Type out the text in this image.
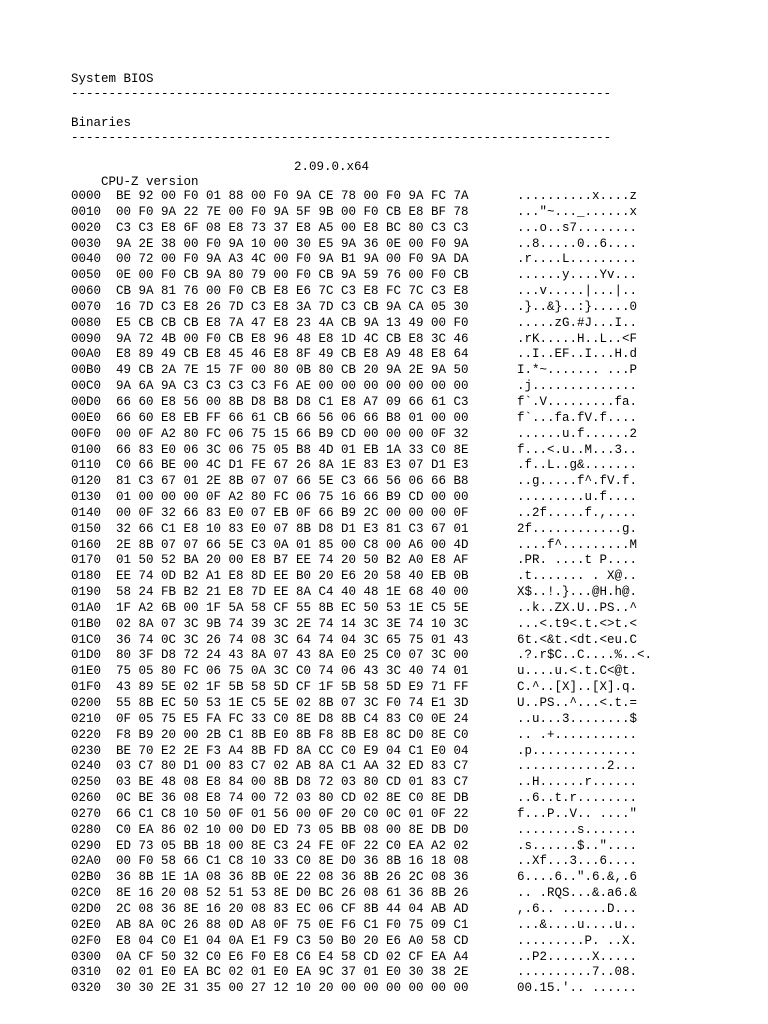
System BIOS
------------------------------------------------------------------------
Binaries
------------------------------------------------------------------------

CPU-Z version

2.09.0.x64

0000 BE 92 00 F0 01 88 00 F0 9A CE 78 00 F0 9A FC 7A	..........x....z
0010 00 F0 9A 22 7E 00 F0 9A 5F 9B 00 F0 CB E8 BF 78	..."~..._......x
0020 C3 C3 E8 6F 08 E8 73 37 E8 A5 00 E8 BC 80 C3 C3	...o..s7........
0030 9A 2E 38 00 F0 9A 10 00 30 E5 9A 36 0E 00 F0 9A	..8.....0..6....
0040 00 72 00 F0 9A A3 4C 00 F0 9A B1 9A 00 F0 9A DA	.r....L.........
0050 0E 00 F0 CB 9A 80 79 00 F0 CB 9A 59 76 00 F0 CB	......y....Yv...
0060 CB 9A 81 76 00 F0 CB E8 E6 7C C3 E8 FC 7C C3 E8	...v.....|...|..
0070 16 7D C3 E8 26 7D C3 E8 3A 7D C3 CB 9A CA 05 30	.}..&}..:}.....0
0080 E5 CB CB CB E8 7A 47 E8 23 4A CB 9A 13 49 00 F0	.....zG.#J...I..
0090 9A 72 4B 00 F0 CB E8 96 48 E8 1D 4C CB E8 3C 46	.rK.....H..L..<F
00A0 E8 89 49 CB E8 45 46 E8 8F 49 CB E8 A9 48 E8 64	..I..EF..I...H.d
00B0 49 CB 2A 7E 15 7F 00 80 0B 80 CB 20 9A 2E 9A 50	I.*~....... ...P
00C0 9A 6A 9A C3 C3 C3 C3 F6 AE 00 00 00 00 00 00 00	.j..............
00D0 66 60 E8 56 00 8B D8 B8 D8 C1 E8 A7 09 66 61 C3	f`.V.........fa.
00E0 66 60 E8 EB FF 66 61 CB 66 56 06 66 B8 01 00 00	f`...fa.fV.f....
00F0 00 0F A2 80 FC 06 75 15 66 B9 CD 00 00 00 0F 32	......u.f......2
0100 66 83 E0 06 3C 06 75 05 B8 4D 01 EB 1A 33 C0 8E	f...<.u..M...3..
0110 C0 66 BE 00 4C D1 FE 67 26 8A 1E 83 E3 07 D1 E3	.f..L..g&.......
0120 81 C3 67 01 2E 8B 07 07 66 5E C3 66 56 06 66 B8	..g.....f^.fV.f.
0130 01 00 00 00 0F A2 80 FC 06 75 16 66 B9 CD 00 00	.........u.f....
0140 00 0F 32 66 83 E0 07 EB 0F 66 B9 2C 00 00 00 0F	..2f.....f.,....
0150 32 66 C1 E8 10 83 E0 07 8B D8 D1 E3 81 C3 67 01	2f............g.
0160 2E 8B 07 07 66 5E C3 0A 01 85 00 C8 00 A6 00 4D	....f^.........M
0170 01 50 52 BA 20 00 E8 B7 EE 74 20 50 B2 A0 E8 AF	.PR. ....t P....
0180 EE 74 0D B2 A1 E8 8D EE B0 20 E6 20 58 40 EB 0B	.t....... . X@..
0190 58 24 FB B2 21 E8 7D EE 8A C4 40 48 1E 68 40 00	X$..!.}...@H.h@.
01A0 1F A2 6B 00 1F 5A 58 CF 55 8B EC 50 53 1E C5 5E	..k..ZX.U..PS..^
01B0 02 8A 07 3C 9B 74 39 3C 2E 74 14 3C 3E 74 10 3C	...<.t9<.t.<>t.<
01C0 36 74 0C 3C 26 74 08 3C 64 74 04 3C 65 75 01 43	6t.<&t.<dt.<eu.C
01D0 80 3F D8 72 24 43 8A 07 43 8A E0 25 C0 07 3C 00	.?.r$C..C....%..<.
01E0 75 05 80 FC 06 75 0A 3C C0 74 06 43 3C 40 74 01	u....u.<.t.C<@t.
01F0 43 89 5E 02 1F 5B 58 5D CF 1F 5B 58 5D E9 71 FF	C.^..[X]..[X].q.
0200 55 8B EC 50 53 1E C5 5E 02 8B 07 3C F0 74 E1 3D	U..PS..^...<.t.=
0210 0F 05 75 E5 FA FC 33 C0 8E D8 8B C4 83 C0 0E 24	..u...3........$
0220 F8 B9 20 00 2B C1 8B E0 8B F8 8B E8 8C D0 8E C0	.. .+...........
0230 BE 70 E2 2E F3 A4 8B FD 8A CC C0 E9 04 C1 E0 04	.p..............
0240 03 C7 80 D1 00 83 C7 02 AB 8A C1 AA 32 ED 83 C7	............2...
0250 03 BE 48 08 E8 84 00 8B D8 72 03 80 CD 01 83 C7	..H......r......
0260 0C BE 36 08 E8 74 00 72 03 80 CD 02 8E C0 8E DB	..6..t.r........
0270 66 C1 C8 10 50 0F 01 56 00 0F 20 C0 0C 01 0F 22	f...P..V.. ...."
0280 C0 EA 86 02 10 00 D0 ED 73 05 BB 08 00 8E DB D0	........s.......
0290 ED 73 05 BB 18 00 8E C3 24 FE 0F 22 C0 EA A2 02	.s......$.."....
02A0 00 F0 58 66 C1 C8 10 33 C0 8E D0 36 8B 16 18 08	..Xf...3...6....
02B0 36 8B 1E 1A 08 36 8B 0E 22 08 36 8B 26 2C 08 36	6....6..".6.&,.6
02C0 8E 16 20 08 52 51 53 8E D0 BC 26 08 61 36 8B 26	.. .RQS...&.a6.&
02D0 2C 08 36 8E 16 20 08 83 EC 06 CF 8B 44 04 AB AD	,.6.. ......D...
02E0 AB 8A 0C 26 88 0D A8 0F 75 0E F6 C1 F0 75 09 C1	...&....u....u..
02F0 E8 04 C0 E1 04 0A E1 F9 C3 50 B0 20 E6 A0 58 CD	.........P. ..X.
0300 0A CF 50 32 C0 E6 F0 E8 C6 E4 58 CD 02 CF EA A4	..P2......X.....
0310 02 01 E0 EA BC 02 01 E0 EA 9C 37 01 E0 30 38 2E	..........7..08.
0320 30 30 2E 31 35 00 27 12 10 20 00 00 00 00 00 00	00.15.'.. ......
